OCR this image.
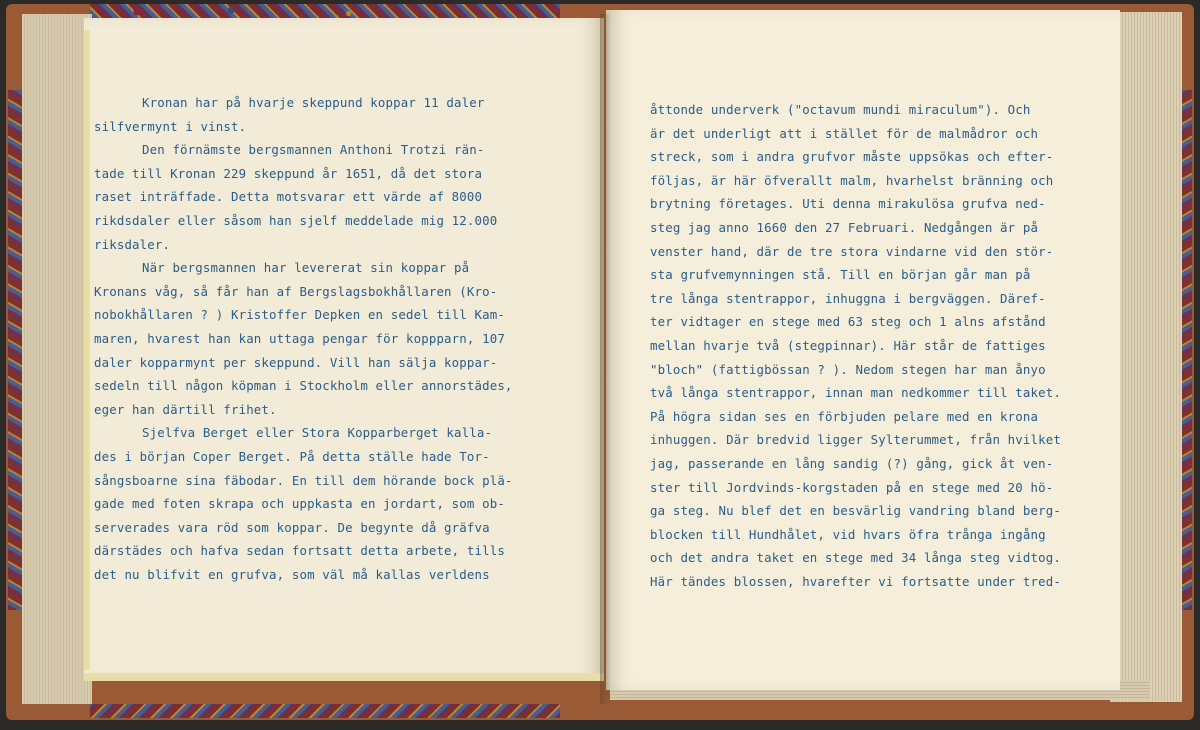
Kronan har på hvarje skeppund koppar 11 daler
silfvermynt i vinst.
Den förnämste bergsmannen Anthoni Trotzi rän-
tade till Kronan 229 skeppund år 1651, då det stora
raset inträffade. Detta motsvarar ett värde af 8000
rikdsdaler eller såsom han sjelf meddelade mig 12.000
riksdaler.
När bergsmannen har levererat sin koppar på
Kronans våg, så får han af Bergslagsbokhållaren (Kro-
nobokhållaren ? ) Kristoffer Depken en sedel till Kam-
maren, hvarest han kan uttaga pengar för koppparn, 107
daler kopparmynt per skeppund. Vill han sälja koppar-
sedeln till någon köpman i Stockholm eller annorstädes,
eger han därtill frihet.
Sjelfva Berget eller Stora Kopparberget kalla-
des i början Coper Berget. På detta ställe hade Tor-
sångsboarne sina fäbodar. En till dem hörande bock plä-
gade med foten skrapa och uppkasta en jordart, som ob-
serverades vara röd som koppar. De begynte då gräfva
därstädes och hafva sedan fortsatt detta arbete, tills
det nu blifvit en grufva, som väl må kallas verldens
åttonde underverk ("octavum mundi miraculum"). Och
är det underligt att i stället för de malmådror och
streck, som i andra grufvor måste uppsökas och efter-
följas, är här öfverallt malm, hvarhelst bränning och
brytning företages. Uti denna mirakulösa grufva ned-
steg jag anno 1660 den 27 Februari. Nedgången är på
venster hand, där de tre stora vindarne vid den stör-
sta grufvemynningen stå. Till en början går man på
tre långa stentrappor, inhuggna i bergväggen. Däref-
ter vidtager en stege med 63 steg och 1 alns afstånd
mellan hvarje två (stegpinnar). Här står de fattiges
"bloch" (fattigbössan ? ). Nedom stegen har man ånyo
två långa stentrappor, innan man nedkommer till taket.
På högra sidan ses en förbjuden pelare med en krona
inhuggen. Där bredvid ligger Sylterummet, från hvilket
jag, passerande en lång sandig (?) gång, gick åt ven-
ster till Jordvinds-korgstaden på en stege med 20 hö-
ga steg. Nu blef det en besvärlig vandring bland berg-
blocken till Hundhålet, vid hvars öfra trånga ingång
och det andra taket en stege med 34 långa steg vidtog.
Här tändes blossen, hvarefter vi fortsatte under tred-
